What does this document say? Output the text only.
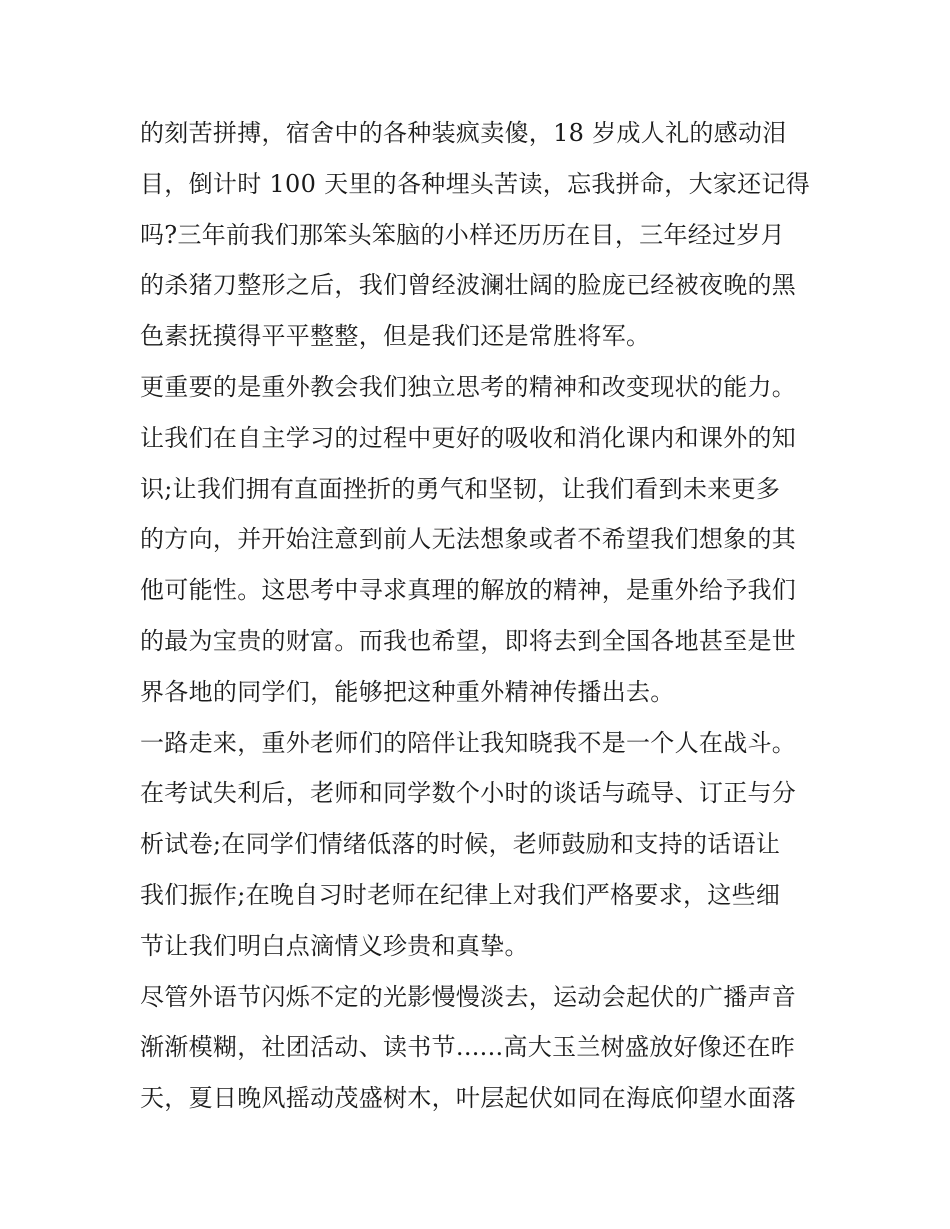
的刻苦拼搏，宿舍中的各种装疯卖傻，18 岁成人礼的感动泪
目，倒计时 100 天里的各种埋头苦读，忘我拼命，大家还记得
吗?三年前我们那笨头笨脑的小样还历历在目，三年经过岁月
的杀猪刀整形之后，我们曾经波澜壮阔的脸庞已经被夜晚的黑
色素抚摸得平平整整，但是我们还是常胜将军。
更重要的是重外教会我们独立思考的精神和改变现状的能力。
让我们在自主学习的过程中更好的吸收和消化课内和课外的知
识;让我们拥有直面挫折的勇气和坚韧，让我们看到未来更多
的方向，并开始注意到前人无法想象或者不希望我们想象的其
他可能性。这思考中寻求真理的解放的精神，是重外给予我们
的最为宝贵的财富。而我也希望，即将去到全国各地甚至是世
界各地的同学们，能够把这种重外精神传播出去。
一路走来，重外老师们的陪伴让我知晓我不是一个人在战斗。
在考试失利后，老师和同学数个小时的谈话与疏导、订正与分
析试卷;在同学们情绪低落的时候，老师鼓励和支持的话语让
我们振作;在晚自习时老师在纪律上对我们严格要求，这些细
节让我们明白点滴情义珍贵和真挚。
尽管外语节闪烁不定的光影慢慢淡去，运动会起伏的广播声音
渐渐模糊，社团活动、读书节......高大玉兰树盛放好像还在昨
天，夏日晚风摇动茂盛树木，叶层起伏如同在海底仰望水面落
